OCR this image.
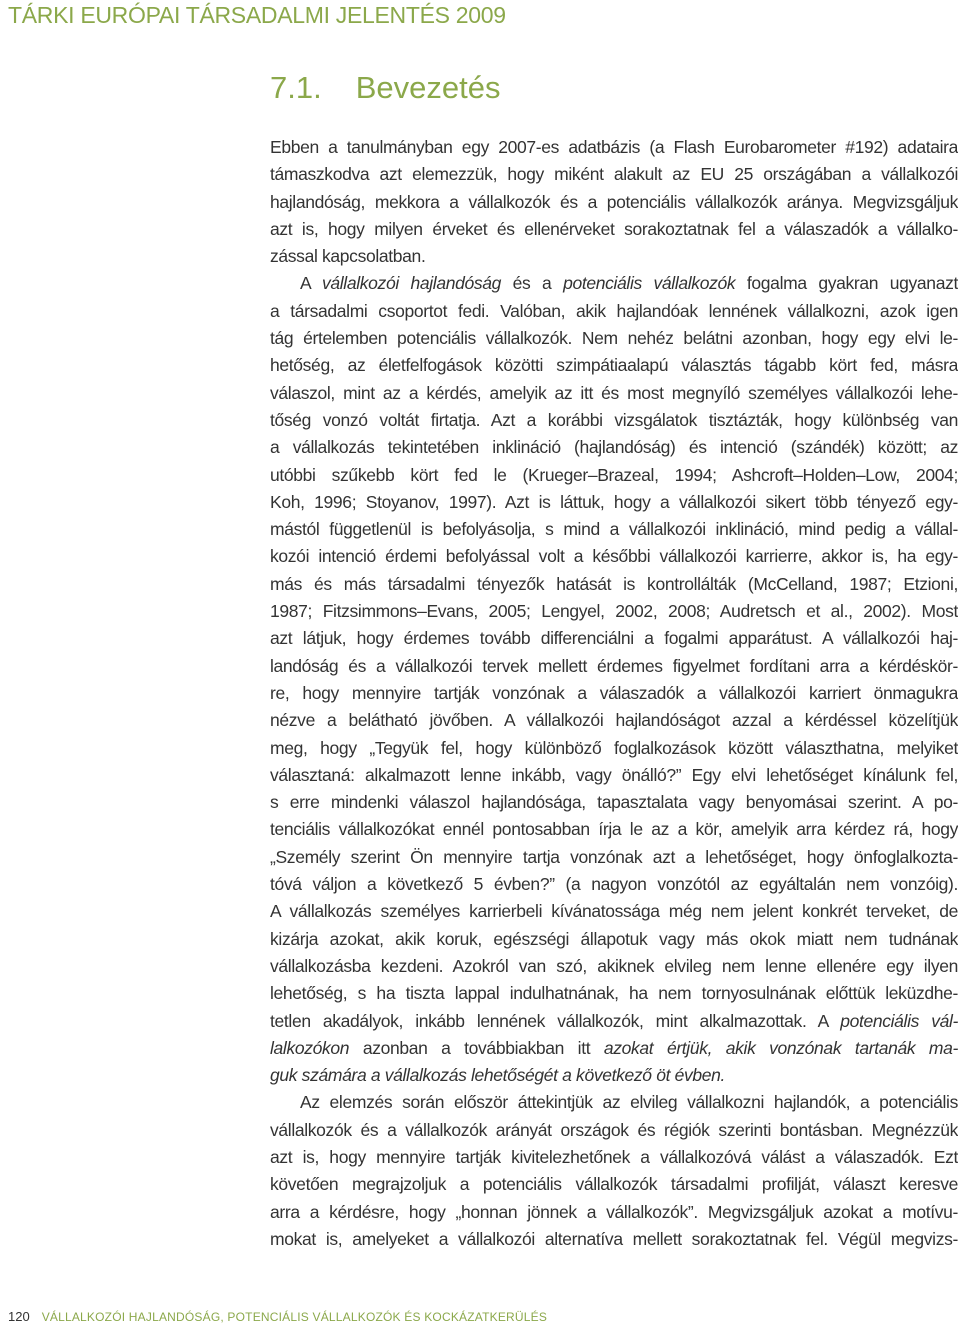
TÁRKI EURÓPAI TÁRSADALMI JELENTÉS 2009
7.1. Bevezetés

Ebben a tanulmányban egy 2007-es adatbázis (a Flash Eurobarometer #192) adataira
támaszkodva azt elemezzük, hogy miként alakult az EU 25 országában a vállalkozói
hajlandóság, mekkora a vállalkozók és a potenciális vállalkozók aránya. Megvizsgáljuk
azt is, hogy milyen érveket és ellenérveket sorakoztatnak fel a válaszadók a vállalko-
zással kapcsolatban.

A vállalkozói hajlandóság és a potenciális vállalkozók fogalma gyakran ugyanazt
a társadalmi csoportot fedi. Valóban, akik hajlandóak lennének vállalkozni, azok igen
tág értelemben potenciális vállalkozók. Nem nehéz belátni azonban, hogy egy elvi le-
hetőség, az életfelfogások közötti szimpátiaalapú választás tágabb kört fed, másra
válaszol, mint az a kérdés, amelyik az itt és most megnyíló személyes vállalkozói lehe-
tőség vonzó voltát firtatja. Azt a korábbi vizsgálatok tisztázták, hogy különbség van
a vállalkozás tekintetében inklináció (hajlandóság) és intenció (szándék) között; az
utóbbi szűkebb kört fed le (Krueger–Brazeal, 1994; Ashcroft–Holden–Low, 2004;
Koh, 1996; Stoyanov, 1997). Azt is láttuk, hogy a vállalkozói sikert több tényező egy-
mástól függetlenül is befolyásolja, s mind a vállalkozói inklináció, mind pedig a vállal-
kozói intenció érdemi befolyással volt a későbbi vállalkozói karrierre, akkor is, ha egy-
más és más társadalmi tényezők hatását is kontrollálták (McCelland, 1987; Etzioni,
1987; Fitzsimmons–Evans, 2005; Lengyel, 2002, 2008; Audretsch et al., 2002). Most
azt látjuk, hogy érdemes tovább differenciálni a fogalmi apparátust. A vállalkozói haj-
landóság és a vállalkozói tervek mellett érdemes figyelmet fordítani arra a kérdéskör-
re, hogy mennyire tartják vonzónak a válaszadók a vállalkozói karriert önmagukra
nézve a belátható jövőben. A vállalkozói hajlandóságot azzal a kérdéssel közelítjük
meg, hogy „Tegyük fel, hogy különböző foglalkozások között választhatna, melyiket
választaná: alkalmazott lenne inkább, vagy önálló?” Egy elvi lehetőséget kínálunk fel,
s erre mindenki válaszol hajlandósága, tapasztalata vagy benyomásai szerint. A po-
tenciális vállalkozókat ennél pontosabban írja le az a kör, amelyik arra kérdez rá, hogy
„Személy szerint Ön mennyire tartja vonzónak azt a lehetőséget, hogy önfoglalkozta-
tóvá váljon a következő 5 évben?” (a nagyon vonzótól az egyáltalán nem vonzóig).
A vállalkozás személyes karrierbeli kívánatossága még nem jelent konkrét terveket, de
kizárja azokat, akik koruk, egészségi állapotuk vagy más okok miatt nem tudnának
vállalkozásba kezdeni. Azokról van szó, akiknek elvileg nem lenne ellenére egy ilyen
lehetőség, s ha tiszta lappal indulhatnának, ha nem tornyosulnának előttük leküzdhe-
tetlen akadályok, inkább lennének vállalkozók, mint alkalmazottak. A potenciális vál-
lalkozókon azonban a továbbiakban itt azokat értjük, akik vonzónak tartanák ma-
guk számára a vállalkozás lehetőségét a következő öt évben.

Az elemzés során először áttekintjük az elvileg vállalkozni hajlandók, a potenciális
vállalkozók és a vállalkozók arányát országok és régiók szerinti bontásban. Megnézzük
azt is, hogy mennyire tartják kivitelezhetőnek a vállalkozóvá válást a válaszadók. Ezt
követően megrajzoljuk a potenciális vállalkozók társadalmi profilját, választ keresve
arra a kérdésre, hogy „honnan jönnek a vállalkozók”. Megvizsgáljuk azokat a motívu-
mokat is, amelyeket a vállalkozói alternatíva mellett sorakoztatnak fel. Végül megvizs-

120 VÁLLALKOZÓI HAJLANDÓSÁG, POTENCIÁLIS VÁLLALKOZÓK ÉS KOCKÁZATKERÜLÉS
